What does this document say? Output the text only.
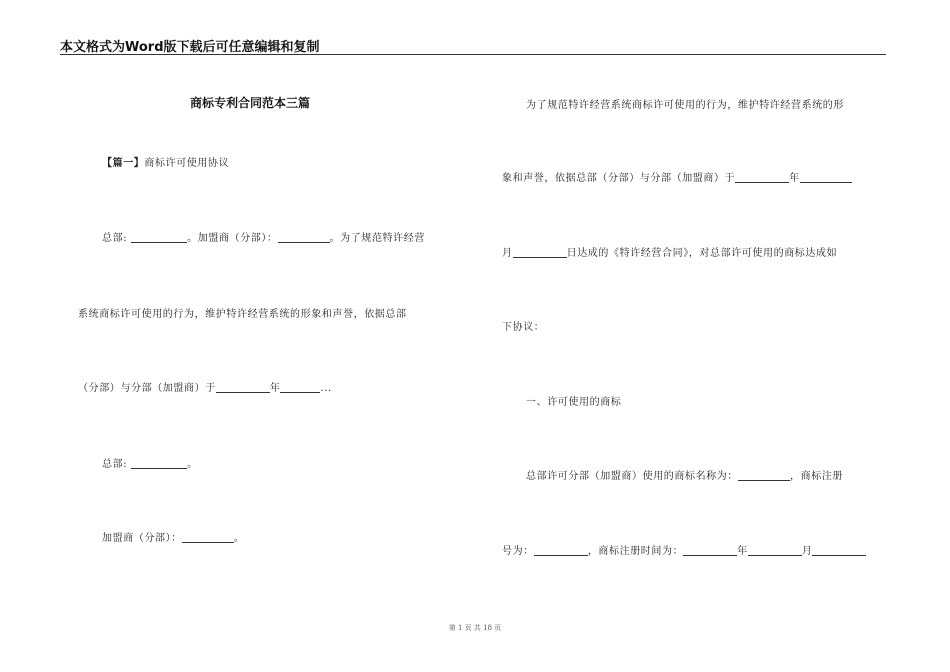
本文格式为Word版下载后可任意编辑和复制
商标专利合同范本三篇
【篇一】商标许可使用协议
总部:	。加盟商（分部）：	。为了规范特许经营
系统商标许可使用的行为，维护特许经营系统的形象和声誉，依据总部
（分部）与分部（加盟商）于	年	...
总部:	。
加盟商（分部）：	。
为了规范特许经营系统商标许可使用的行为，维护特许经营系统的形
象和声誉，依据总部（分部）与分部（加盟商）于	年
月	日达成的《特许经营合同》，对总部许可使用的商标达成如
下协议：
一、许可使用的商标
总部许可分部（加盟商）使用的商标名称为：	，商标注册
号为：	，商标注册时间为：	年	月
第 1 页 共 18 页
